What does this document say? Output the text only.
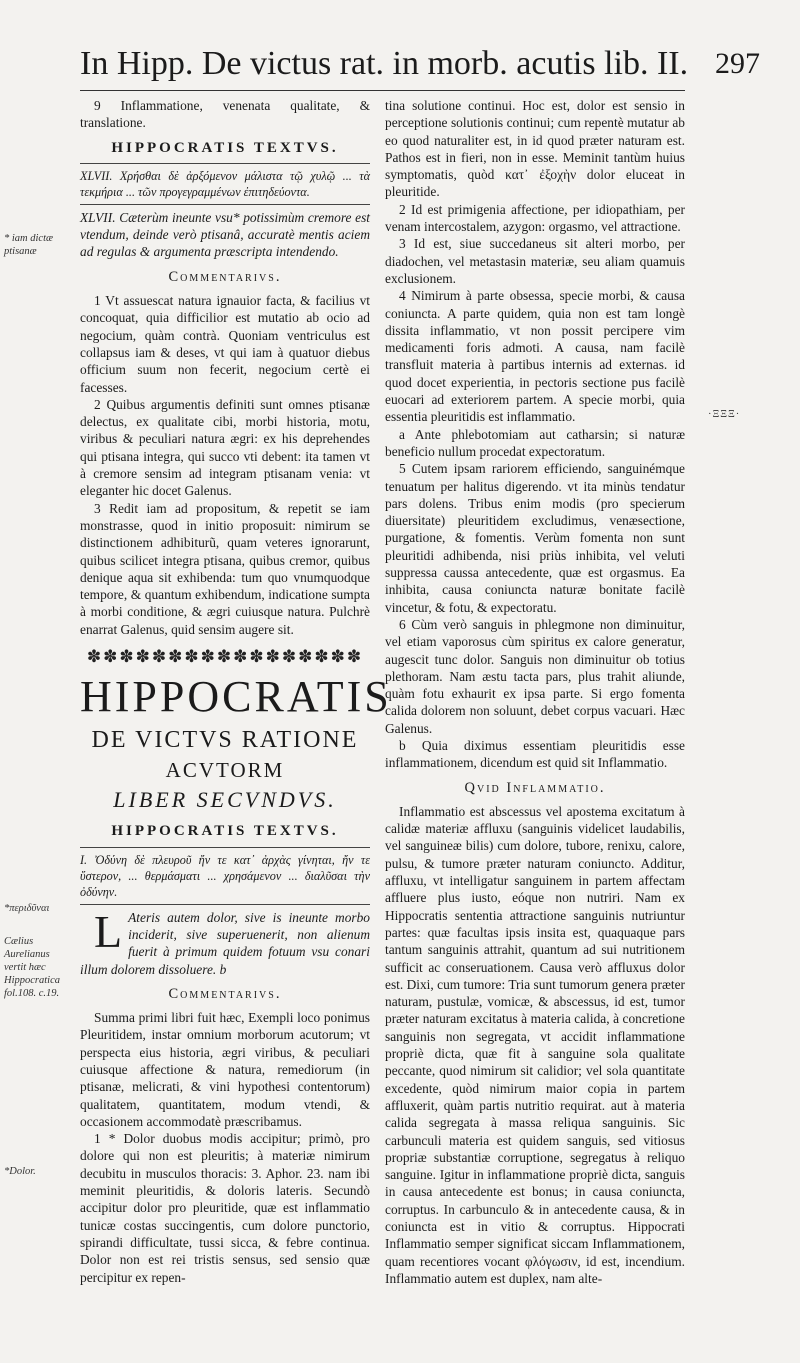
In Hipp. De victus rat. in morb. acutis lib. II. 297
* iam dictæ ptisanæ
*περιδῦναι
Cælius Aurelianus vertit hæc Hippocratica fol.108. c.19.
*Dolor.
·ΞΞΞ·

9 Inflammatione, venenata qualitate, & translatione.

HIPPOCRATIS TEXTVS.

XLVII. Χρήσθαι δὲ ἀρξόμενον μάλιστα τῷ χυλῷ ... τὰ τεκμήρια ... τῶν προγεγραμμένων ἐπιτηδεύοντα.

XLVII. Cæterùm ineunte vsu* potissimùm cremore est vtendum, deinde verò ptisanâ, accuratè mentis aciem ad regulas & argumenta præscripta intendendo.

Commentarivs.

1 Vt assuescat natura ignauior facta, & facilius vt concoquat, quia difficilior est mutatio ab ocio ad negocium, quàm contrà. Quoniam ventriculus est collapsus iam & deses, vt qui iam à quatuor diebus officium suum non fecerit, negocium certè ei facesses.

2 Quibus argumentis definiti sunt omnes ptisanæ delectus, ex qualitate cibi, morbi historia, motu, viribus & peculiari natura ægri: ex his deprehendes qui ptisana integra, qui succo vti debent: ita tamen vt à cremore sensim ad integram ptisanam venia: vt eleganter hic docet Galenus.

3 Redit iam ad propositum, & repetit se iam monstrasse, quod in initio proposuit: nimirum se distinctionem adhibiturũ, quam veteres ignorarunt, quibus scilicet integra ptisana, quibus cremor, quibus denique aqua sit exhibenda: tum quo vnumquodque tempore, & quantum exhibendum, indicatione sumpta à morbi conditione, & ægri cuiusque natura. Pulchrè enarrat Galenus, quid sensim augere sit.

✽✽✽✽✽✽✽✽✽✽✽✽✽✽✽✽✽
HIPPOCRATIS
DE VICTVS RATIONE
ACVTORM
LIBER SECVNDVS.
HIPPOCRATIS TEXTVS.

I. Ὀδύνη δὲ πλευροῦ ἤν τε κατ᾽ ἀρχὰς γίνηται, ἤν τε ὕστερον, ... θερμάσματι ... χρησάμενον ... διαλῦσαι τὴν ὀδύνην.

L Ateris autem dolor, sive is ineunte morbo inciderit, sive superuenerit, non alienum fuerit à primum quidem fotuum vsu conari illum dolorem dissoluere. b

Commentarivs.

Summa primi libri fuit hæc, Exempli loco ponimus Pleuritidem, instar omnium morborum acutorum; vt perspecta eius historia, ægri viribus, & peculiari cuiusque affectione & natura, remediorum (in ptisanæ, melicrati, & vini hypothesi contentorum) qualitatem, quantitatem, modum vtendi, & occasionem accommodatè præscribamus.

1 * Dolor duobus modis accipitur; primò, pro dolore qui non est pleuritis; à materiæ nimirum decubitu in musculos thoracis: 3. Aphor. 23. nam ibi meminit pleuritidis, & doloris lateris. Secundò accipitur dolor pro pleuritide, quæ est inflammatio tunicæ costas succingentis, cum dolore punctorio, spirandi difficultate, tussi sicca, & febre continua. Dolor non est rei tristis sensus, sed sensio quæ percipitur ex repen-

tina solutione continui. Hoc est, dolor est sensio in perceptione solutionis continui; cum repentè mutatur ab eo quod naturaliter est, in id quod præter naturam est. Pathos est in fieri, non in esse. Meminit tantùm huius symptomatis, quòd κατ᾽ ἐξοχὴν dolor eluceat in pleuritide.

2 Id est primigenia affectione, per idiopathiam, per venam intercostalem, azygon: orgasmo, vel attractione.

3 Id est, siue succedaneus sit alteri morbo, per diadochen, vel metastasin materiæ, seu aliam quamuis exclusionem.

4 Nimirum à parte obsessa, specie morbi, & causa coniuncta. A parte quidem, quia non est tam longè dissita inflammatio, vt non possit percipere vim medicamenti foris admoti. A causa, nam facilè transfluit materia à partibus internis ad externas. id quod docet experientia, in pectoris sectione pus facilè euocari ad exteriorem partem. A specie morbi, quia essentia pleuritidis est inflammatio.

a Ante phlebotomiam aut catharsin; si naturæ beneficio nullum procedat expectoratum.

5 Cutem ipsam rariorem efficiendo, sanguinémque tenuatum per halitus digerendo. vt ita minùs tendatur pars dolens. Tribus enim modis (pro specierum diuersitate) pleuritidem excludimus, venæsectione, purgatione, & fomentis. Verùm fomenta non sunt pleuritidi adhibenda, nisi priùs inhibita, vel veluti suppressa caussa antecedente, quæ est orgasmus. Ea inhibita, causa coniuncta naturæ bonitate facilè vincetur, & fotu, & expectoratu.

6 Cùm verò sanguis in phlegmone non diminuitur, vel etiam vaporosus cùm spiritus ex calore generatur, augescit tunc dolor. Sanguis non diminuitur ob totius plethoram. Nam æstu tacta pars, plus trahit aliunde, quàm fotu exhaurit ex ipsa parte. Si ergo fomenta calida dolorem non soluunt, debet corpus vacuari. Hæc Galenus.

b Quia diximus essentiam pleuritidis esse inflammationem, dicendum est quid sit Inflammatio.

Qvid Inflammatio.

Inflammatio est abscessus vel apostema excitatum à calidæ materiæ affluxu (sanguinis videlicet laudabilis, vel sanguineæ bilis) cum dolore, tubore, renixu, calore, pulsu, & tumore præter naturam coniuncto. Additur, affluxu, vt intelligatur sanguinem in partem affectam affluere plus iusto, eóque non nutriri. Nam ex Hippocratis sententia attractione sanguinis nutriuntur partes: quæ facultas ipsis insita est, quaquaque pars tantum sanguinis attrahit, quantum ad sui nutritionem sufficit ac conseruationem. Causa verò affluxus dolor est. Dixi, cum tumore: Tria sunt tumorum genera præter naturam, pustulæ, vomicæ, & abscessus, id est, tumor præter naturam excitatus à materia calida, à concretione sanguinis non segregata, vt accidit inflammatione propriè dicta, quæ fit à sanguine sola qualitate peccante, quod nimirum sit calidior; vel sola quantitate excedente, quòd nimirum maior copia in partem affluxerit, quàm partis nutritio requirat. aut à materia calida segregata à massa reliqua sanguinis. Sic carbunculi materia est quidem sanguis, sed vitiosus propriæ substantiæ corruptione, segregatus à reliquo sanguine. Igitur in inflammatione propriè dicta, sanguis in causa antecedente est bonus; in causa coniuncta, corruptus. In carbunculo & in antecedente causa, & in coniuncta est in vitio & corruptus. Hippocrati Inflammatio semper significat siccam Inflammationem, quam recentiores vocant φλόγωσιν, id est, incendium. Inflammatio autem est duplex, nam alte-
